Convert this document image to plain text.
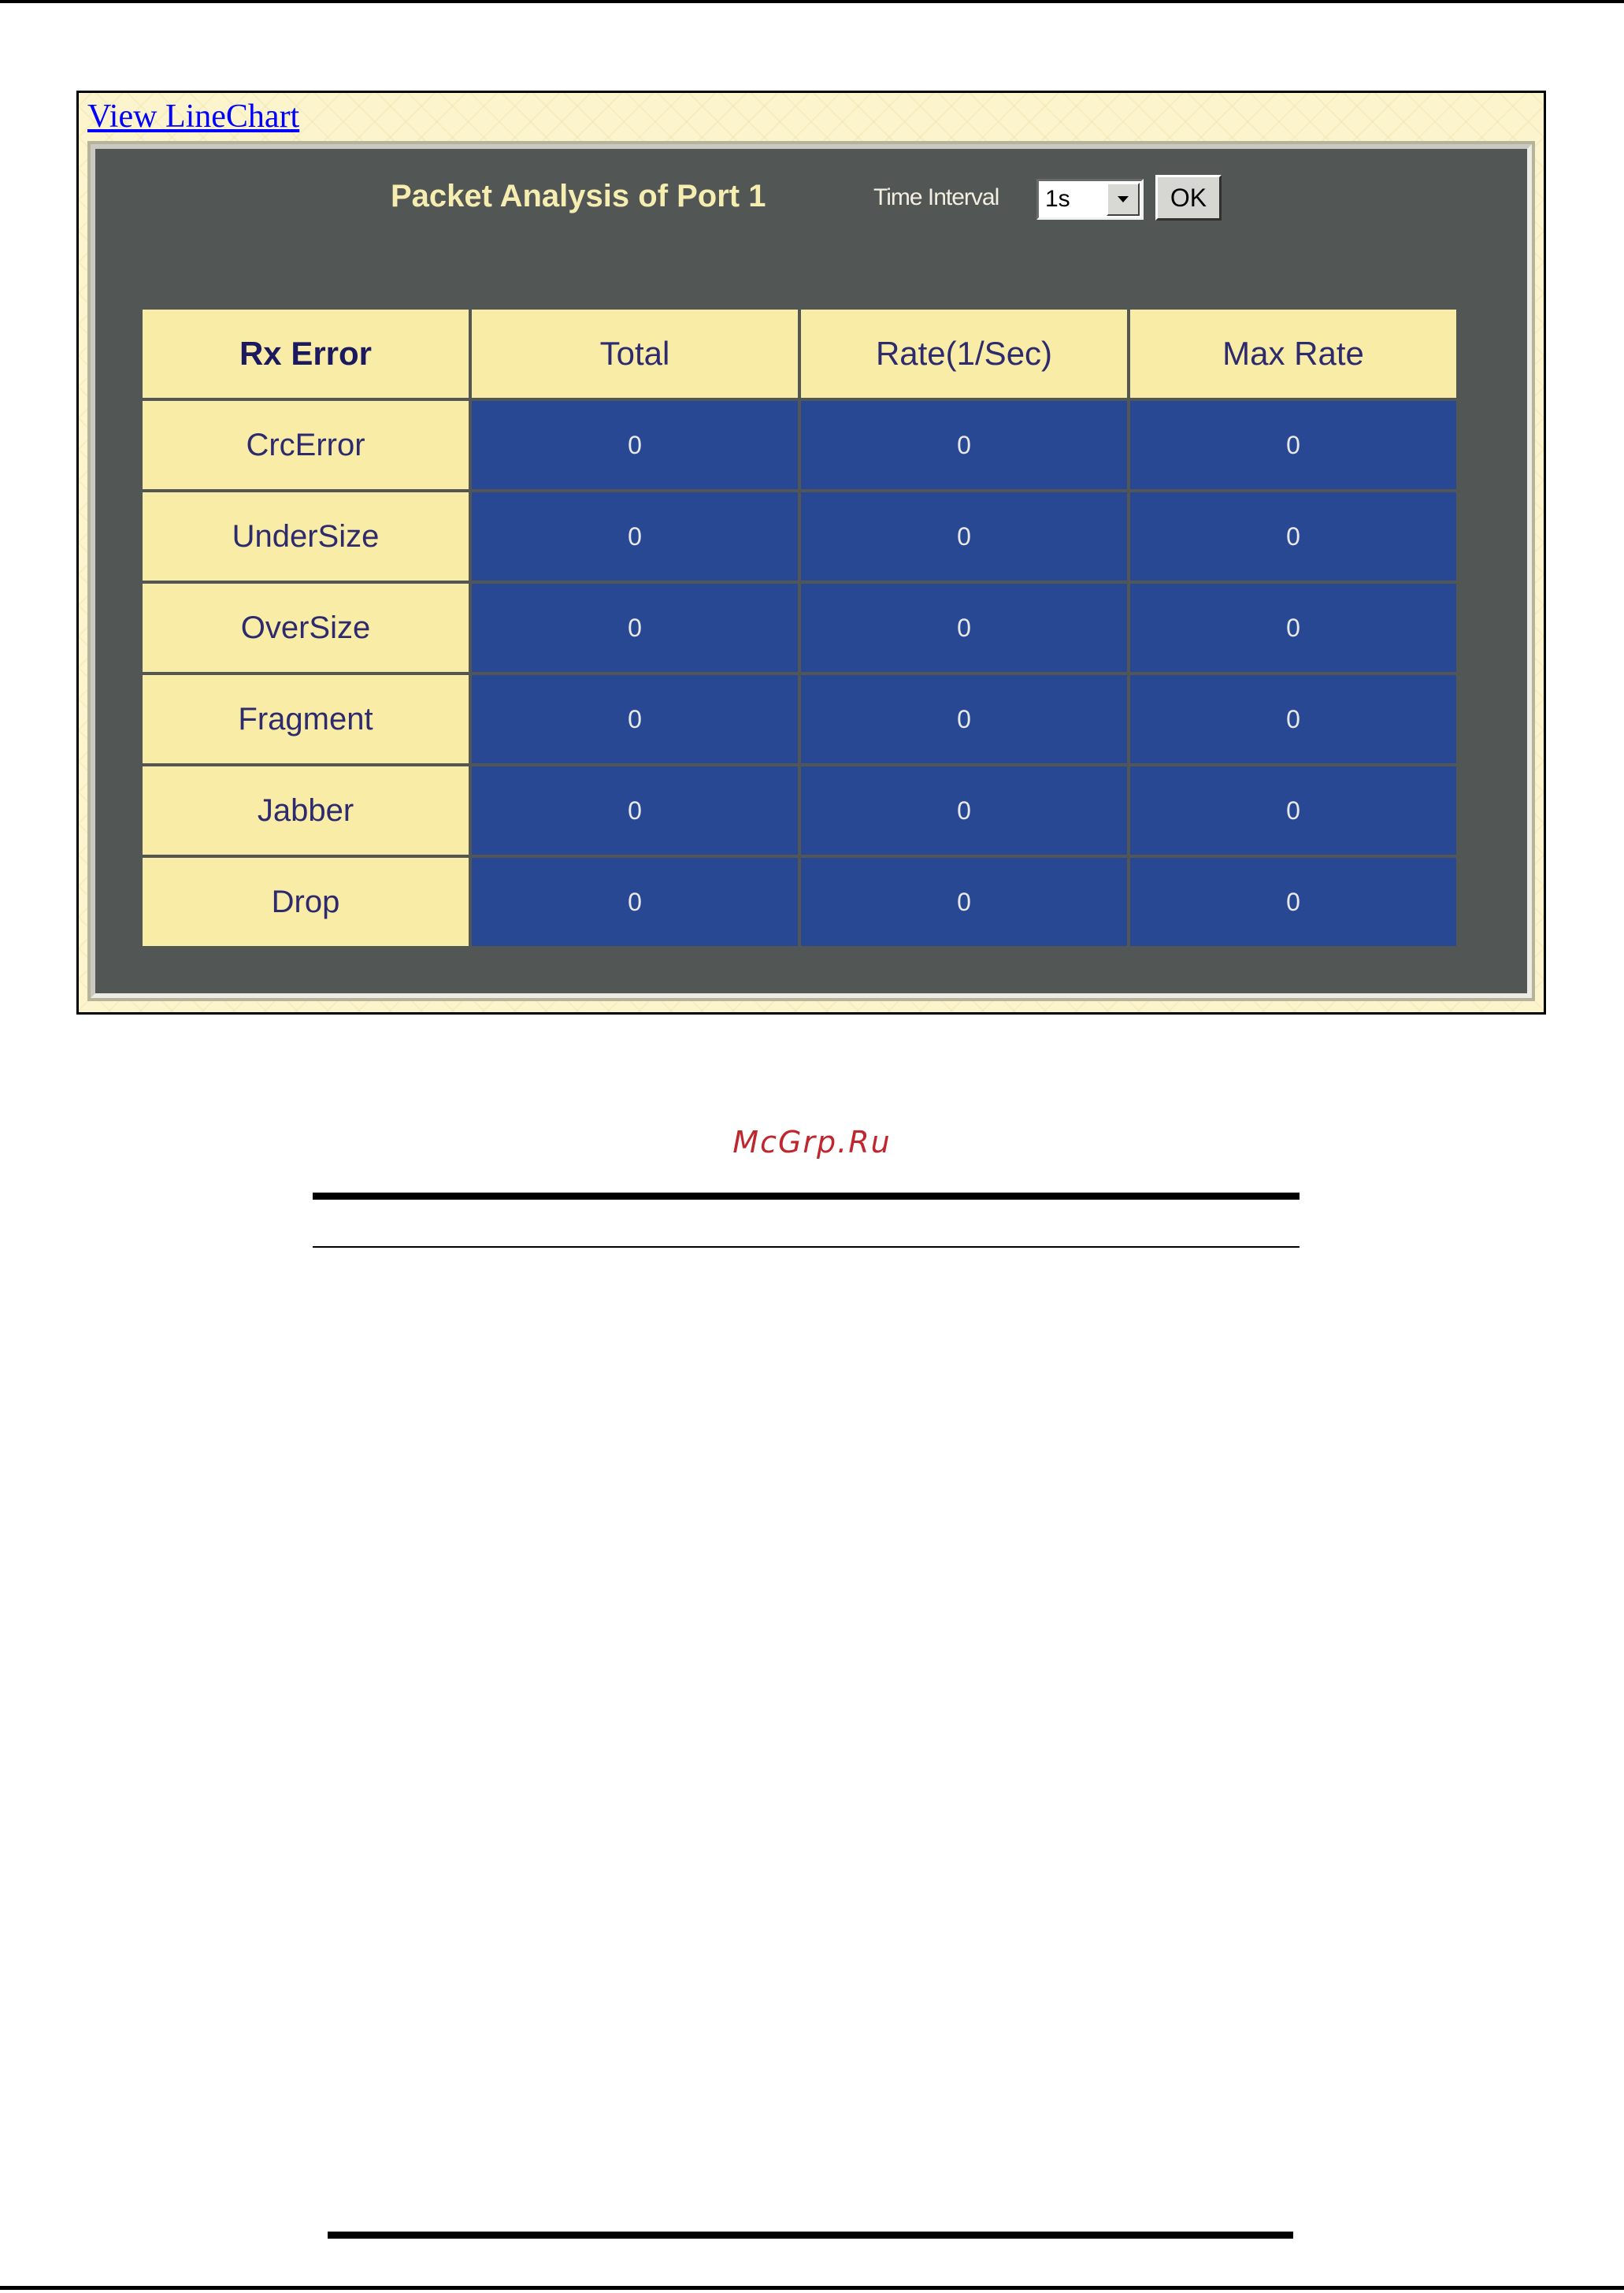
View LineChart
Packet Analysis of Port 1	Time Interval 1s	OK
Rx Error	Total	Rate(1/Sec)	Max Rate
CrcError	0	0	0
UnderSize	0	0	0
OverSize	0	0	0
Fragment	0	0	0
Jabber	0	0	0
Drop	0	0	0
McGrp.Ru
